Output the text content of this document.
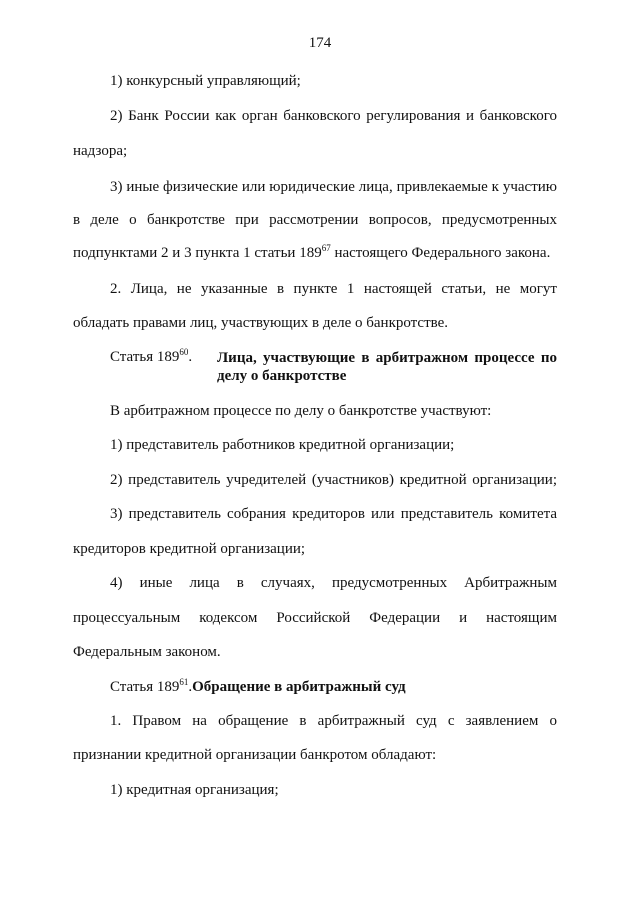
174
1) конкурсный управляющий;
2) Банк России как орган банковского регулирования и банковского
надзора;
3) иные физические или юридические лица, привлекаемые к участию
в деле о банкротстве при рассмотрении вопросов, предусмотренных
подпунктами 2 и 3 пункта 1 статьи $189^{67}$ настоящего Федерального закона.
2. Лица, не указанные в пункте 1 настоящей статьи, не могут
обладать правами лиц, участвующих в деле о банкротстве.
Статья $189^{60}$. Лица, участвующие в арбитражном процессе по
делу о банкротстве
В арбитражном процессе по делу о банкротстве участвуют:
1) представитель работников кредитной организации;
2) представитель учредителей (участников) кредитной организации;
3) представитель собрания кредиторов или представитель комитета
кредиторов кредитной организации;
4) иные лица в случаях, предусмотренных Арбитражным
процессуальным кодексом Российской Федерации и настоящим
Федеральным законом.
Статья $189^{61}.Обращение$ в арбитражный суд
1. Правом на обращение в арбитражный суд с заявлением о
признании кредитной организации банкротом обладают:
1) кредитная организация;
